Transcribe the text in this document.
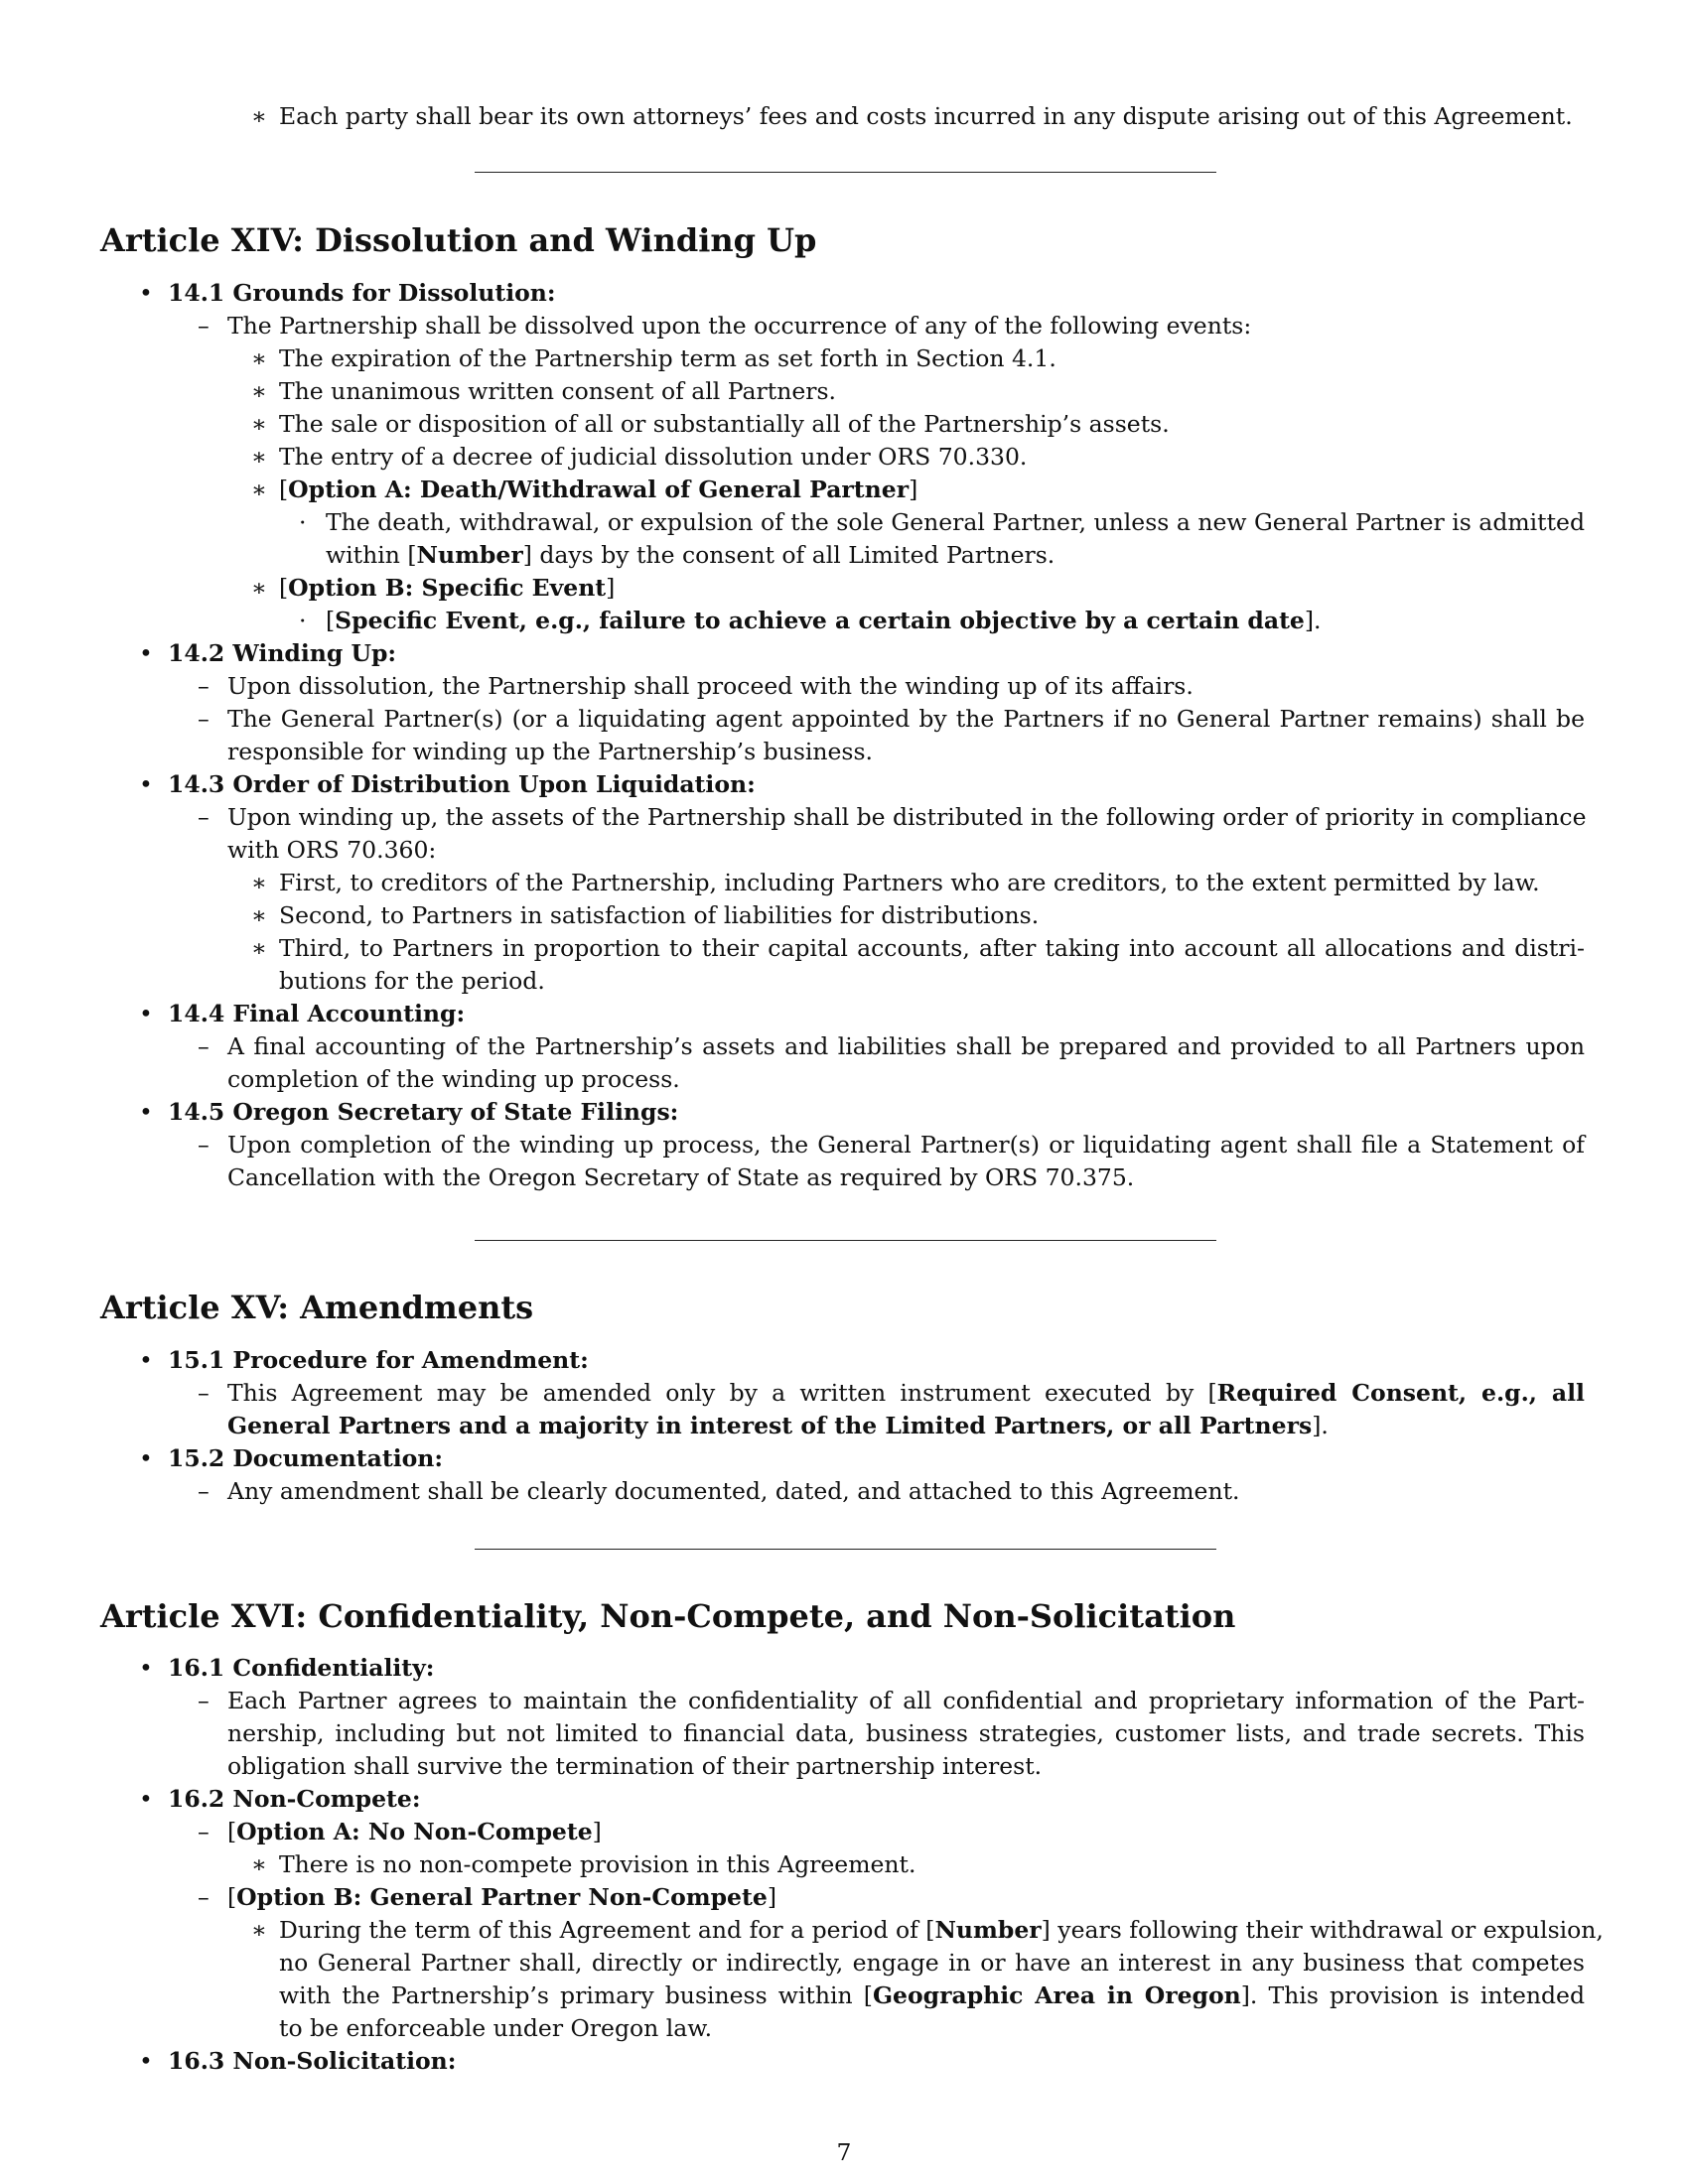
∗ Each party shall bear its own attorneys’ fees and costs incurred in any dispute arising out of this Agreement.
Article XIV: Dissolution and Winding Up
• 14.1 Grounds for Dissolution:
– The Partnership shall be dissolved upon the occurrence of any of the following events:
∗ The expiration of the Partnership term as set forth in Section 4.1.
∗ The unanimous written consent of all Partners.
∗ The sale or disposition of all or substantially all of the Partnership’s assets.
∗ The entry of a decree of judicial dissolution under ORS 70.330.
∗ [Option A: Death/Withdrawal of General Partner]
· The death, withdrawal, or expulsion of the sole General Partner, unless a new General Partner is admitted
within [Number] days by the consent of all Limited Partners.
∗ [Option B: Specific Event]
· [Specific Event, e.g., failure to achieve a certain objective by a certain date].
• 14.2 Winding Up:
– Upon dissolution, the Partnership shall proceed with the winding up of its affairs.
– The General Partner(s) (or a liquidating agent appointed by the Partners if no General Partner remains) shall be
responsible for winding up the Partnership’s business.
• 14.3 Order of Distribution Upon Liquidation:
– Upon winding up, the assets of the Partnership shall be distributed in the following order of priority in compliance
with ORS 70.360:
∗ First, to creditors of the Partnership, including Partners who are creditors, to the extent permitted by law.
∗ Second, to Partners in satisfaction of liabilities for distributions.
∗ Third, to Partners in proportion to their capital accounts, after taking into account all allocations and distri-
butions for the period.
• 14.4 Final Accounting:
– A final accounting of the Partnership’s assets and liabilities shall be prepared and provided to all Partners upon
completion of the winding up process.
• 14.5 Oregon Secretary of State Filings:
– Upon completion of the winding up process, the General Partner(s) or liquidating agent shall file a Statement of
Cancellation with the Oregon Secretary of State as required by ORS 70.375.
Article XV: Amendments
• 15.1 Procedure for Amendment:
– This Agreement may be amended only by a written instrument executed by [Required Consent, e.g., all
General Partners and a majority in interest of the Limited Partners, or all Partners].
• 15.2 Documentation:
– Any amendment shall be clearly documented, dated, and attached to this Agreement.
Article XVI: Confidentiality, Non-Compete, and Non-Solicitation
• 16.1 Confidentiality:
– Each Partner agrees to maintain the confidentiality of all confidential and proprietary information of the Part-
nership, including but not limited to financial data, business strategies, customer lists, and trade secrets. This
obligation shall survive the termination of their partnership interest.
• 16.2 Non-Compete:
– [Option A: No Non-Compete]
∗ There is no non-compete provision in this Agreement.
– [Option B: General Partner Non-Compete]
∗ During the term of this Agreement and for a period of [Number] years following their withdrawal or expulsion,
no General Partner shall, directly or indirectly, engage in or have an interest in any business that competes
with the Partnership’s primary business within [Geographic Area in Oregon]. This provision is intended
to be enforceable under Oregon law.
• 16.3 Non-Solicitation:
7
